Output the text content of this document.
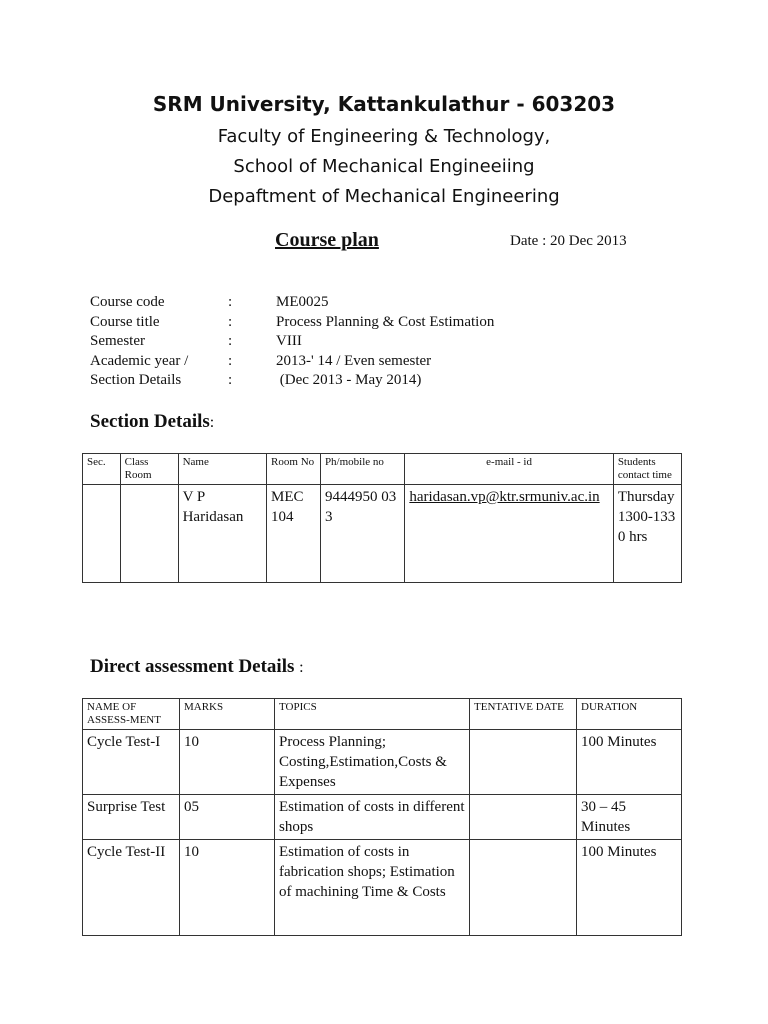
SRM University, Kattankulathur - 603203
Faculty of Engineering & Technology,
School of Mechanical Engineeiing
Depaftment of Mechanical Engineering
Course plan	Date : 20 Dec 2013
Course code	:	ME0025
Course title	:	Process Planning & Cost Estimation
Semester	:	VIII
Academic year /	:	2013-' 14 / Even semester
Section Details	:	(Dec 2013 - May 2014)
Section Details:
Sec.	Class Room	Name	Room No	Ph/mobile no	e-mail - id	Students contact time
		V P Haridasan	MEC 104	9444950 033	haridasan.vp@ktr.srmuniv.ac.in	Thursday 1300-1330 hrs
Direct assessment Details :
NAME OF ASSESS-MENT	MARKS	TOPICS	TENTATIVE DATE	DURATION
Cycle Test-I	10	Process Planning; Costing,Estimation,Costs & Expenses		100 Minutes
Surprise Test	05	Estimation of costs in different shops		30 – 45 Minutes
Cycle Test-II	10	Estimation of costs in fabrication shops; Estimation of machining Time & Costs		100 Minutes
